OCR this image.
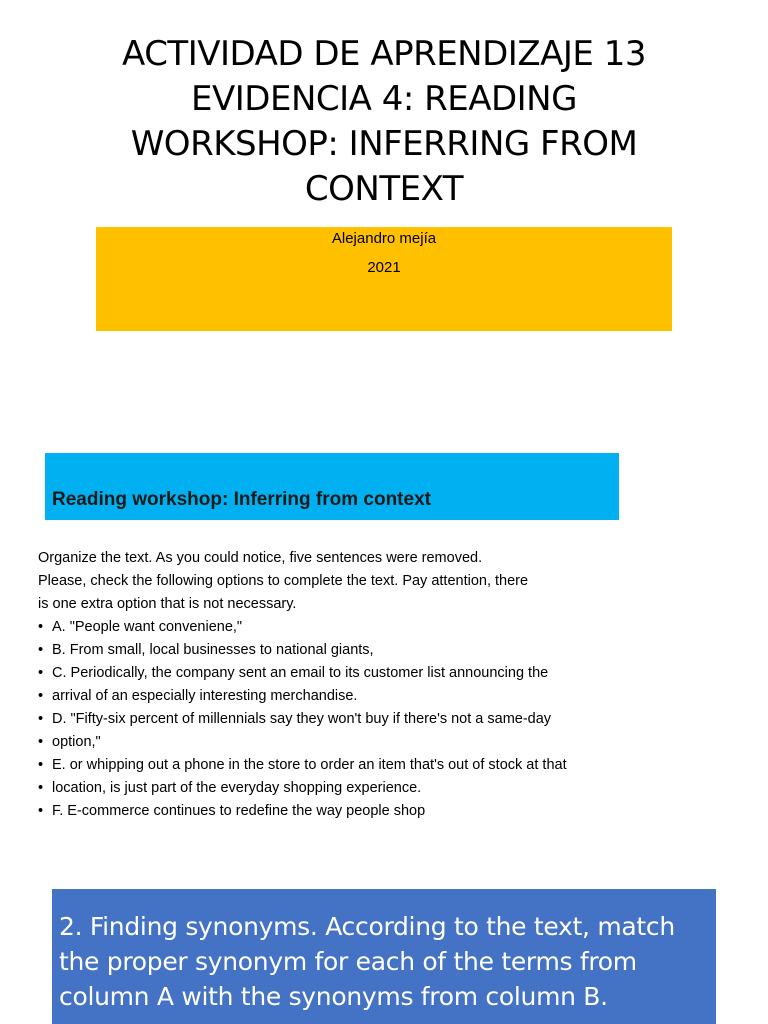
ACTIVIDAD DE APRENDIZAJE 13
EVIDENCIA 4: READING
WORKSHOP: INFERRING FROM
CONTEXT
Alejandro mejía
2021
Reading workshop: Inferring from context

Organize the text. As you could notice, five sentences were removed.

Please, check the following options to complete the text. Pay attention, there

is one extra option that is not necessary.

• A. "People want conveniene,"
• B. From small, local businesses to national giants,
• C. Periodically, the company sent an email to its customer list announcing the
• arrival of an especially interesting merchandise.
• D. "Fifty-six percent of millennials say they won't buy if there's not a same-day
• option,"
• E. or whipping out a phone in the store to order an item that's out of stock at that
• location, is just part of the everyday shopping experience.
• F. E-commerce continues to redefine the way people shop

2. Finding synonyms. According to the text, match the proper synonym for each of the terms from column A with the synonyms from column B.
